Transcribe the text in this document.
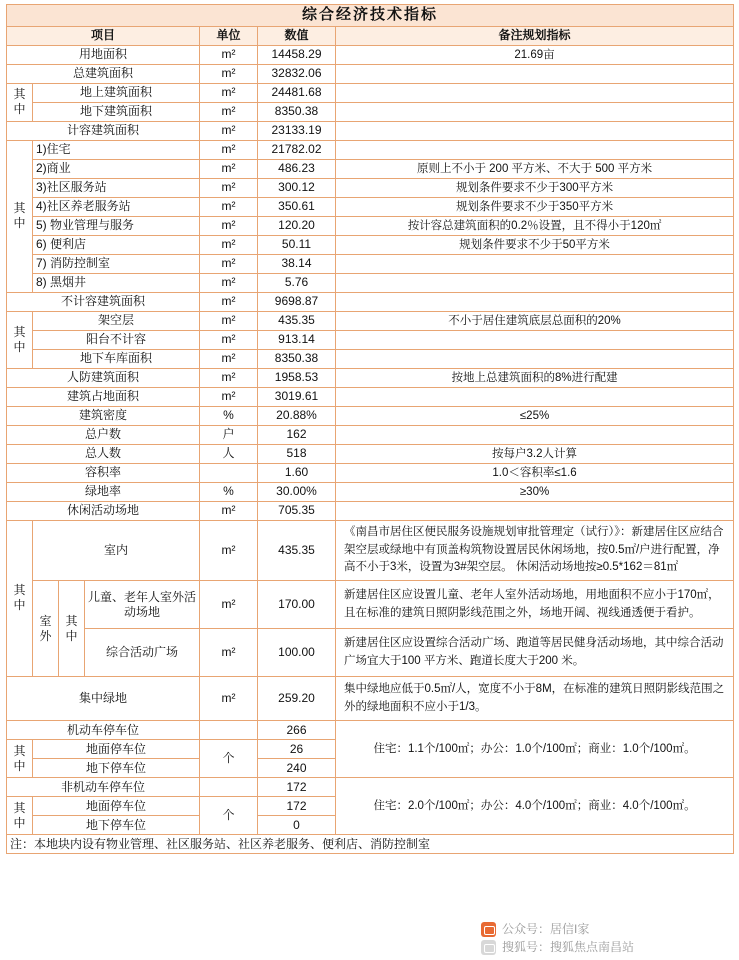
综合经济技术指标						
项目				单位	数值	备注规划指标
用地面积				m²	14458.29	21.69亩
总建筑面积				m²	32832.06	
其中	地上建筑面积			m²	24481.68	
	地下建筑面积			m²	8350.38	
计容建筑面积				m²	23133.19	
其中	1)住宅			m²	21782.02	
	2)商业			m²	486.23	原则上不小于 200 平方米、不大于 500 平方米
	3)社区服务站			m²	300.12	规划条件要求不少于300平方米
	4)社区养老服务站			m²	350.61	规划条件要求不少于350平方米
	5) 物业管理与服务			m²	120.20	按计容总建筑面积的0.2％设置，且不得小于120㎡
	6) 便利店			m²	50.11	规划条件要求不少于50平方米
	7) 消防控制室			m²	38.14	
	8) 黑烟井			m²	5.76	
不计容建筑面积				m²	9698.87	
其中	架空层			m²	435.35	不小于居住建筑底层总面积的20%
	阳台不计容			m²	913.14	
	地下车库面积			m²	8350.38	
人防建筑面积				m²	1958.53	按地上总建筑面积的8%进行配建
建筑占地面积				m²	3019.61	
建筑密度				%	20.88%	≤25%
总户数				户	162	
总人数				人	518	按每户3.2人计算
容积率					1.60	1.0＜容积率≤1.6
绿地率				%	30.00%	≥30%
休闲活动场地				m²	705.35	
其中	室内			m²	435.35	《南昌市居住区便民服务设施规划审批管理定（试行）》：新建居住区应结合架空层或绿地中有顶盖构筑物设置居民休闲场地，按0.5㎡/户进行配置，净高不小于3米，设置为3#架空层。 休闲活动场地按≥0.5*162＝81㎡
	室外	其中	儿童、老年人室外活动场地	m²	170.00	新建居住区应设置儿童、老年人室外活动场地，用地面积不应小于170㎡，且在标准的建筑日照阴影线范围之外，场地开阔、视线通透便于看护。
			综合活动广场	m²	100.00	新建居住区应设置综合活动广场、跑道等居民健身活动场地，其中综合活动广场宜大于100 平方米、跑道长度大于200 米。
集中绿地				m²	259.20	集中绿地应低于0.5㎡/人，宽度不小于8M，在标准的建筑日照阴影线范围之外的绿地面积不应小于1/3。
机动车停车位					266	住宅：1.1个/100㎡；办公：1.0个/100㎡；商业：1.0个/100㎡。
其中	地面停车位			个	26	
	地下停车位				240	
非机动车停车位					172	住宅：2.0个/100㎡；办公：4.0个/100㎡；商业：4.0个/100㎡。
其中	地面停车位			个	172	
	地下停车位				0	
注：本地块内设有物业管理、社区服务站、社区养老服务、便利店、消防控制室						
公众号：居信I家
搜狐号：搜狐焦点南昌站
